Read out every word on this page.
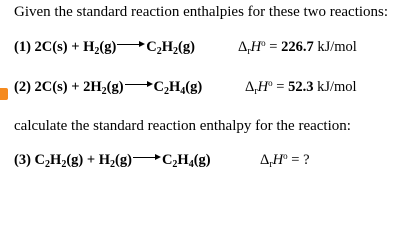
Given the standard reaction enthalpies for these two reactions:
(1) $2C(s) + H_2(g)$ $C_2H_2(g)$	$\Delta_rH^o = 226.7$ kJ/mol
(2) $2C(s) + 2H_2(g)$ $C_2H_4(g)$	$\Delta_rH^o = 52.3$ kJ/mol
calculate the standard reaction enthalpy for the reaction:
(3) $C_2H_2(g) + H_2(g)$ $C_2H_4(g)$	$\Delta_rH^o$ = ?
